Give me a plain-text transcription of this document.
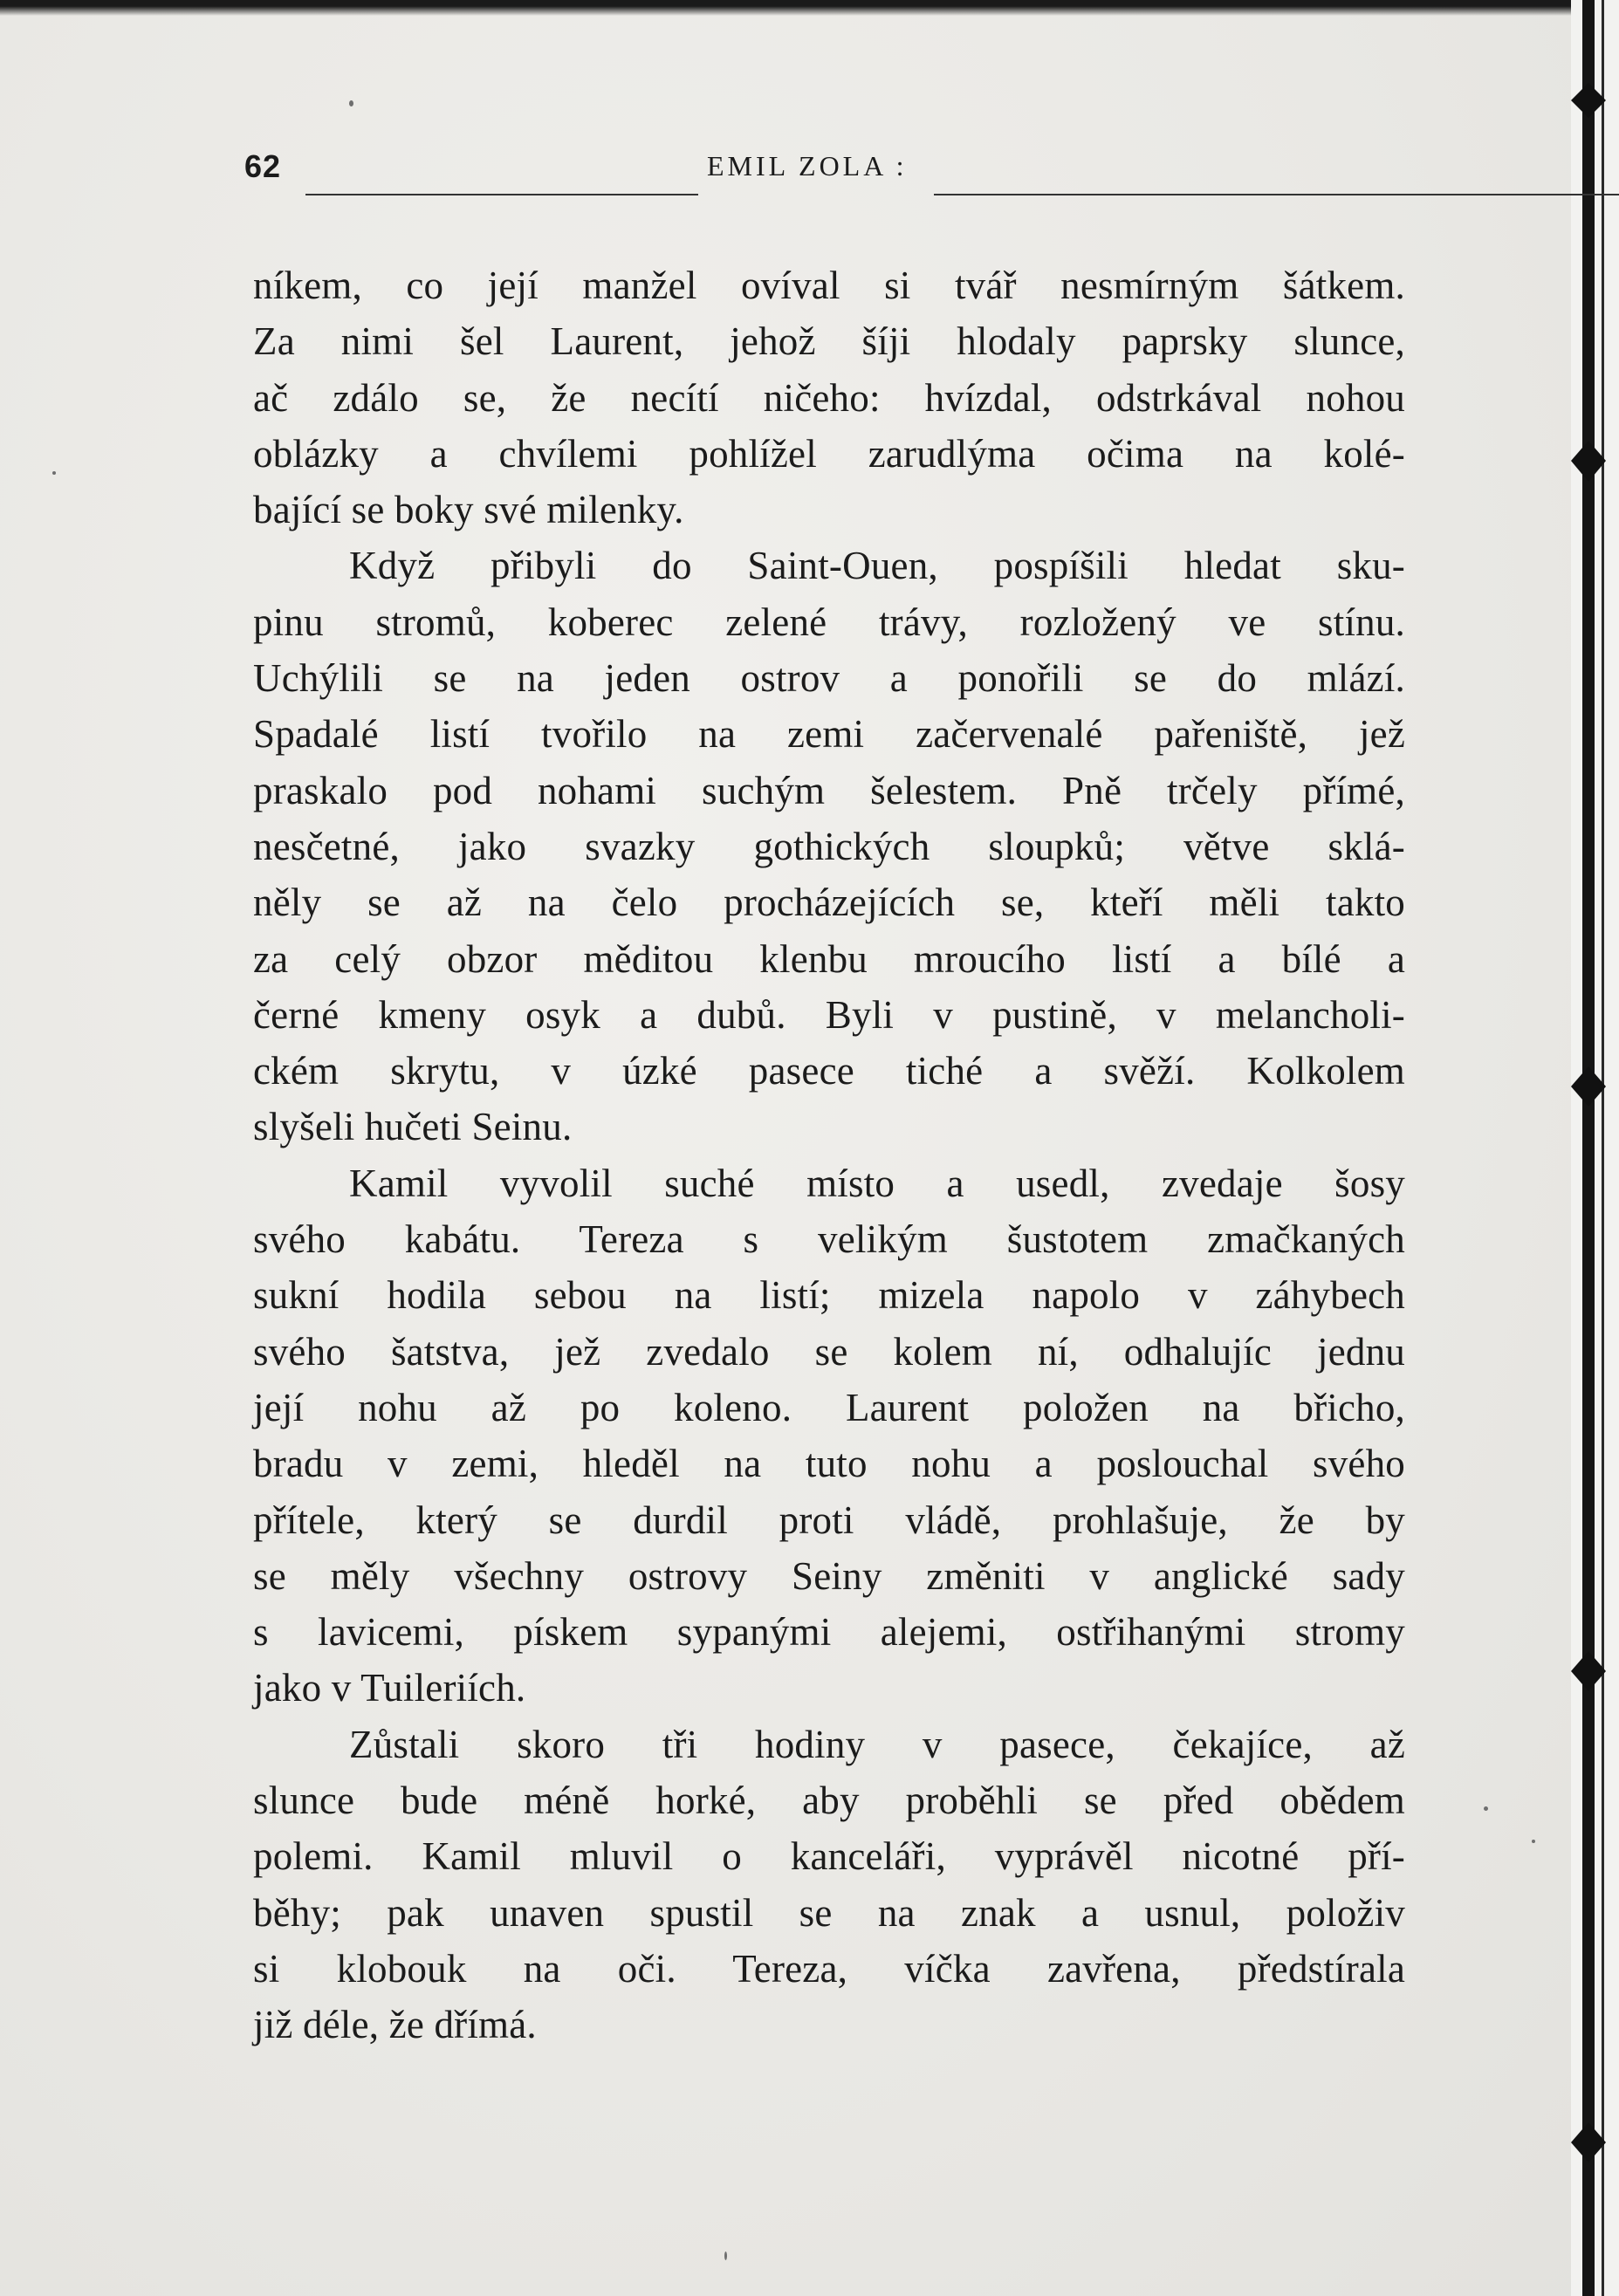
62	EMIL ZOLA :
níkem, co její manžel ovíval si tvář nesmírným šátkem.
Za nimi šel Laurent, jehož šíji hlodaly paprsky slunce,
ač zdálo se, že necítí ničeho: hvízdal, odstrkával nohou
oblázky a chvílemi pohlížel zarudlýma očima na kolé-
bající se boky své milenky.
Když přibyli do Saint-Ouen, pospíšili hledat sku-
pinu stromů, koberec zelené trávy, rozložený ve stínu.
Uchýlili se na jeden ostrov a ponořili se do mlází.
Spadalé listí tvořilo na zemi začervenalé pařeniště, jež
praskalo pod nohami suchým šelestem. Pně trčely přímé,
nesčetné, jako svazky gothických sloupků; větve sklá-
něly se až na čelo procházejících se, kteří měli takto
za celý obzor měditou klenbu mroucího listí a bílé a
černé kmeny osyk a dubů. Byli v pustině, v melancholi-
ckém skrytu, v úzké pasece tiché a svěží. Kolkolem
slyšeli hučeti Seinu.
Kamil vyvolil suché místo a usedl, zvedaje šosy
svého kabátu. Tereza s velikým šustotem zmačkaných
sukní hodila sebou na listí; mizela napolo v záhybech
svého šatstva, jež zvedalo se kolem ní, odhalujíc jednu
její nohu až po koleno. Laurent položen na břicho,
bradu v zemi, hleděl na tuto nohu a poslouchal svého
přítele, který se durdil proti vládě, prohlašuje, že by
se měly všechny ostrovy Seiny změniti v anglické sady
s lavicemi, pískem sypanými alejemi, ostřihanými stromy
jako v Tuileriích.
Zůstali skoro tři hodiny v pasece, čekajíce, až
slunce bude méně horké, aby proběhli se před obědem
polemi. Kamil mluvil o kanceláři, vyprávěl nicotné pří-
běhy; pak unaven spustil se na znak a usnul, položiv
si klobouk na oči. Tereza, víčka zavřena, předstírala
již déle, že dřímá.
